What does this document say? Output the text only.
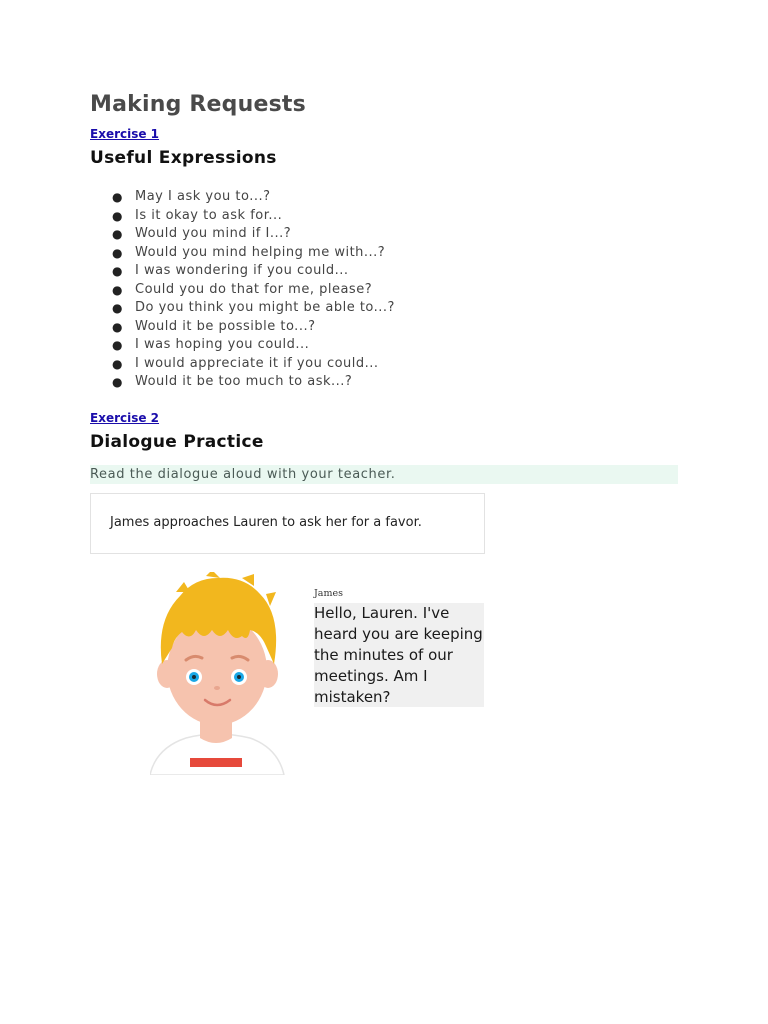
Making Requests
Exercise 1
Useful Expressions
● May I ask you to...?
● Is it okay to ask for...
● Would you mind if I...?
● Would you mind helping me with...?
● I was wondering if you could...
● Could you do that for me, please?
● Do you think you might be able to...?
● Would it be possible to...?
● I was hoping you could...
● I would appreciate it if you could...
● Would it be too much to ask...?
Exercise 2
Dialogue Practice
Read the dialogue aloud with your teacher.
James approaches Lauren to ask her for a favor.
James
Hello, Lauren. I've heard you are keeping the minutes of our meetings. Am I mistaken?
